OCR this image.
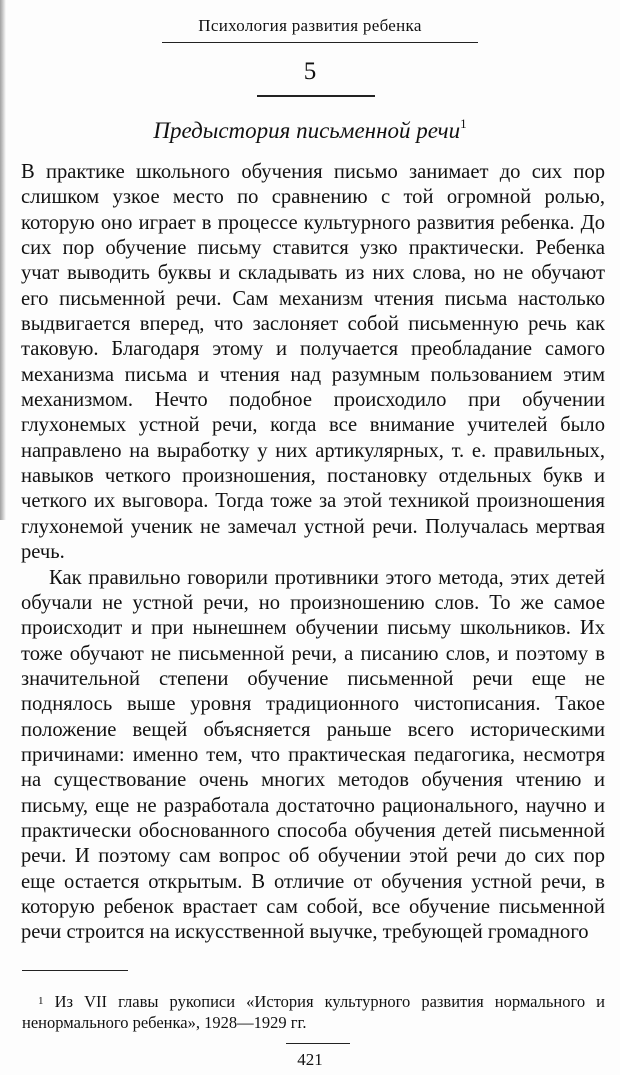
Психология развития ребенка
5
Предыстория письменной речи$^1$

В практике школьного обучения письмо занимает до сих пор слишком узкое место по сравнению с той огромной ролью, которую оно играет в процессе культурного развития ребенка. До сих пор обучение письму ставится узко практически. Ребенка учат выводить буквы и складывать из них слова, но не обучают его письменной речи. Сам механизм чтения письма настолько выдвигается вперед, что заслоняет собой письменную речь как таковую. Благодаря этому и получается преобладание самого механизма письма и чтения над разумным пользованием этим механизмом. Нечто подобное происходило при обучении глухонемых устной речи, когда все внимание учителей было направлено на выработку у них артикулярных, т. е. правильных, навыков четкого произношения, постановку отдельных букв и четкого их выговора. Тогда тоже за этой техникой произношения глухонемой ученик не замечал устной речи. Получалась мертвая речь.

Как правильно говорили противники этого метода, этих детей обучали не устной речи, но произношению слов. То же самое происходит и при нынешнем обучении письму школьников. Их тоже обучают не письменной речи, а писанию слов, и поэтому в значительной степени обучение письменной речи еще не поднялось выше уровня традиционного чистописания. Такое положение вещей объясняется раньше всего историческими причинами: именно тем, что практическая педагогика, несмотря на существование очень многих методов обучения чтению и письму, еще не разработала достаточно рационального, научно и практически обоснованного способа обучения детей письменной речи. И поэтому сам вопрос об обучении этой речи до сих пор еще остается открытым. В отличие от обучения устной речи, в которую ребенок врастает сам собой, все обучение письменной речи строится на искусственной выучке, требующей громадного

$^1$ Из VII главы рукописи «История культурного развития нормального и ненормального ребенка», 1928—1929 гг.
421
